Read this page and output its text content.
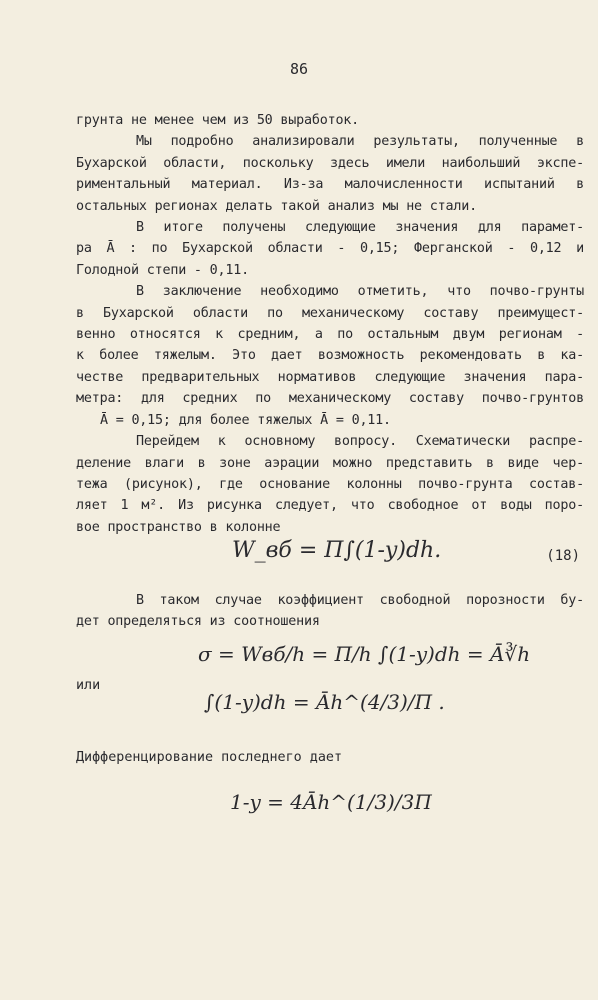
86
грунта не менее чем из 50 выработок.
Мы подробно анализировали результаты, полученные в
Бухарской области, поскольку здесь имели наибольший экспе-
риментальный материал. Из-за малочисленности испытаний в
остальных регионах делать такой анализ мы не стали.
В итоге получены следующие значения для парамет-
ра Ā : по Бухарской области - 0,15; Ферганской - 0,12 и
Голодной степи - 0,11.
В заключение необходимо отметить, что почво-грунты
в Бухарской области по механическому составу преимущест-
венно относятся к средним, а по остальным двум регионам -
к более тяжелым. Это дает возможность рекомендовать в ка-
честве предварительных нормативов следующие значения пара-
метра: для средних по механическому составу почво-грунтов
Ā = 0,15; для более тяжелых Ā = 0,11.
Перейдем к основному вопросу. Схематически распре-
деление влаги в зоне аэрации можно представить в виде чер-
тежа (рисунок), где основание колонны почво-грунта состав-
ляет 1 м². Из рисунка следует, что свободное от воды поро-
вое пространство в колонне
W_вб = П∫(1-y)dh.	(18)
В таком случае коэффициент свободной порозности бу-
дет определяться из соотношения
σ = Wвб/h = П/h ∫(1-y)dh = Ā∛h
или
∫(1-y)dh = Āh^(4/3)/П .
Дифференцирование последнего дает
1-y = 4Āh^(1/3)/3П
